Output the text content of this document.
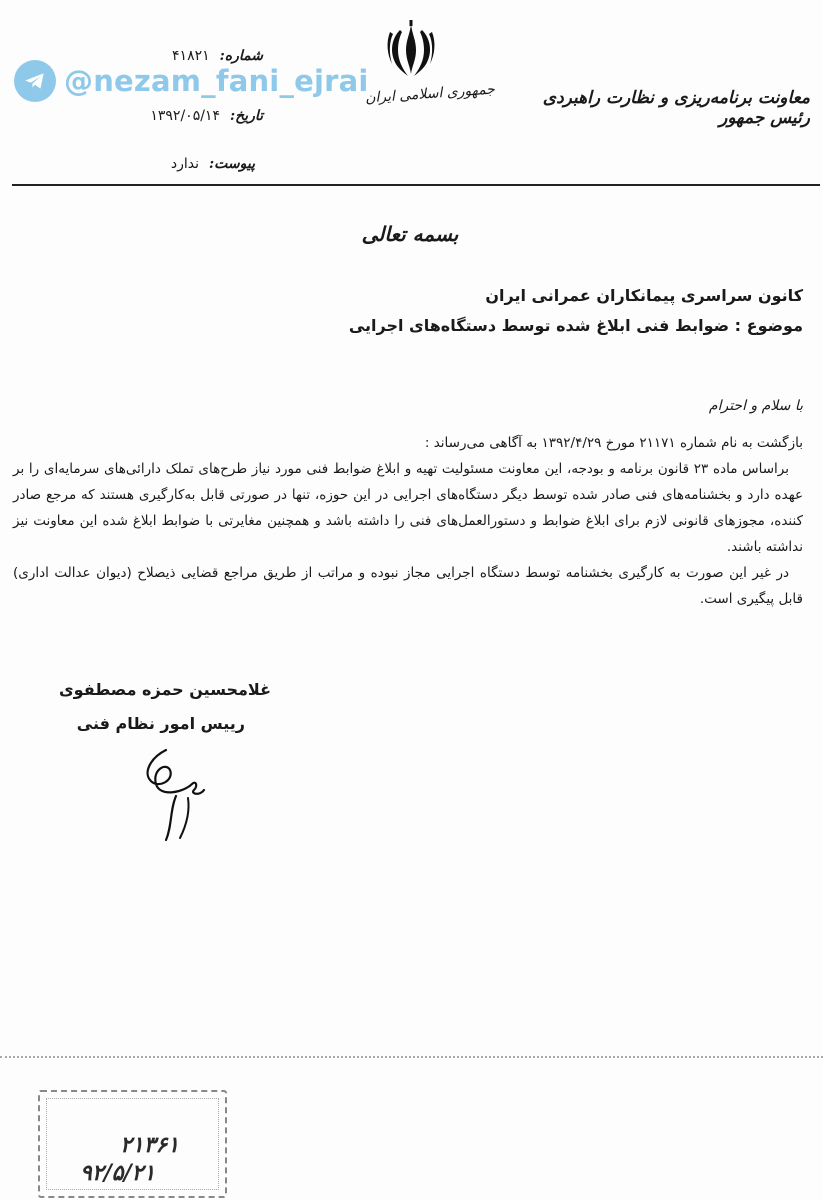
@nezam_fani_ejrai
جمهوری اسلامی ایران	معاونت برنامه‌ریزی و نظارت راهبردی رئیس جمهور
شماره:
۴۱۸۲۱
تاریخ:
۱۳۹۲/۰۵/۱۴
پیوست:
ندارد
بسمه تعالی
کانون سراسری پیمانکاران عمرانی ایران
موضوع : ضوابط فنی ابلاغ شده توسط دستگاه‌های اجرایی
با سلام و احترام

بازگشت به نام شماره ۲۱۱۷۱ مورخ ۱۳۹۲/۴/۲۹ به آگاهی می‌رساند :

براساس ماده ۲۳ قانون برنامه و بودجه، این معاونت مسئولیت تهیه و ابلاغ ضوابط فنی مورد نیاز طرح‌های تملک دارائی‌های سرمایه‌ای را بر عهده دارد و بخشنامه‌های فنی صادر شده توسط دیگر دستگاه‌های اجرایی در این حوزه، تنها در صورتی قابل به‌کارگیری هستند که مرجع صادر کننده، مجوزهای قانونی لازم برای ابلاغ ضوابط و دستورالعمل‌های فنی را داشته باشد و همچنین مغایرتی با ضوابط ابلاغ شده این معاونت نیز نداشته باشند.

در غیر این صورت به کارگیری بخشنامه توسط دستگاه اجرایی مجاز نبوده و مراتب از طریق مراجع قضایی ذیصلاح (دیوان عدالت اداری) قابل پیگیری است.

غلامحسین حمزه مصطفوی
رییس امور نظام فنی
۲۱۳۶۱
۹۲/۵/۲۱
